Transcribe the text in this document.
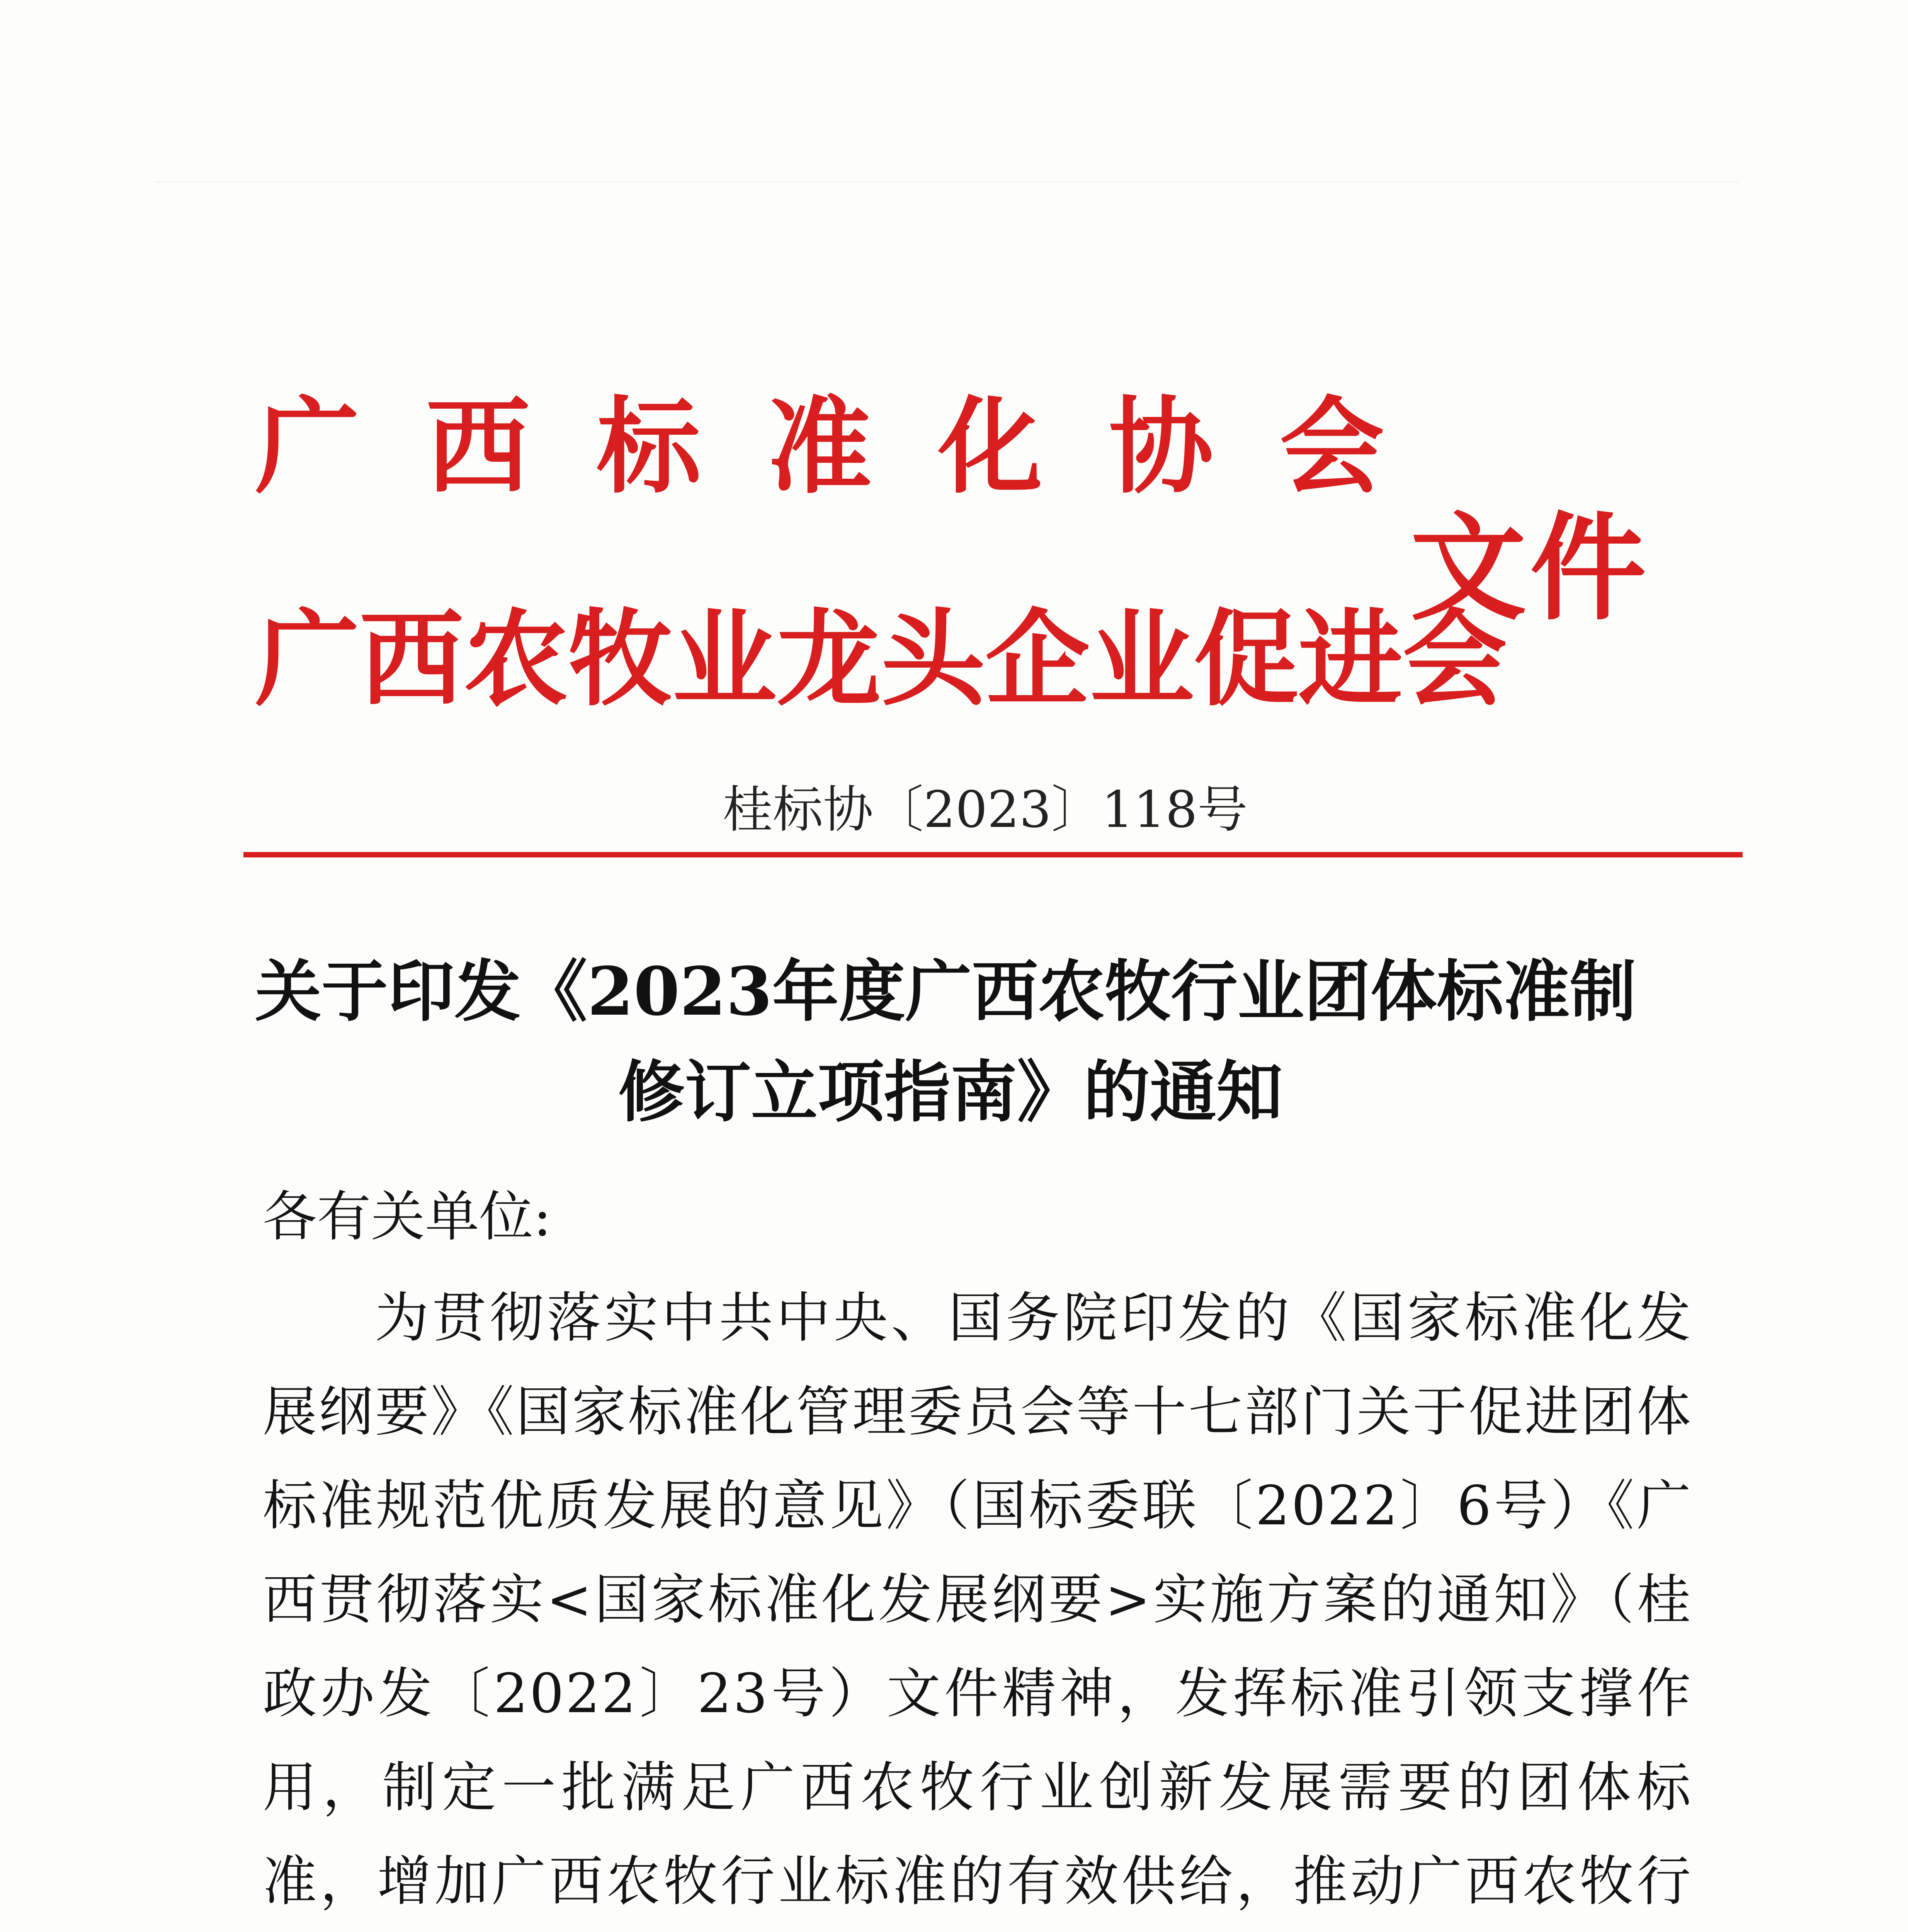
广西标准化协会
广西农牧业龙头企业促进会
文件
桂标协〔2023〕118号
关于印发《2023年度广西农牧行业团体标准制
修订立项指南》的通知
各有关单位:
为贯彻落实中共中央、国务院印发的《国家标准化发展纲要》《国家标准化管理委员会等十七部门关于促进团体标准规范优质发展的意见》（国标委联〔2022〕6号）《广西贯彻落实<国家标准化发展纲要>实施方案的通知》（桂政办发〔2022〕23号）文件精神，发挥标准引领支撑作用，制定一批满足广西农牧行业创新发展需要的团体标准，增加广西农牧行业标准的有效供给，推动广西农牧行
